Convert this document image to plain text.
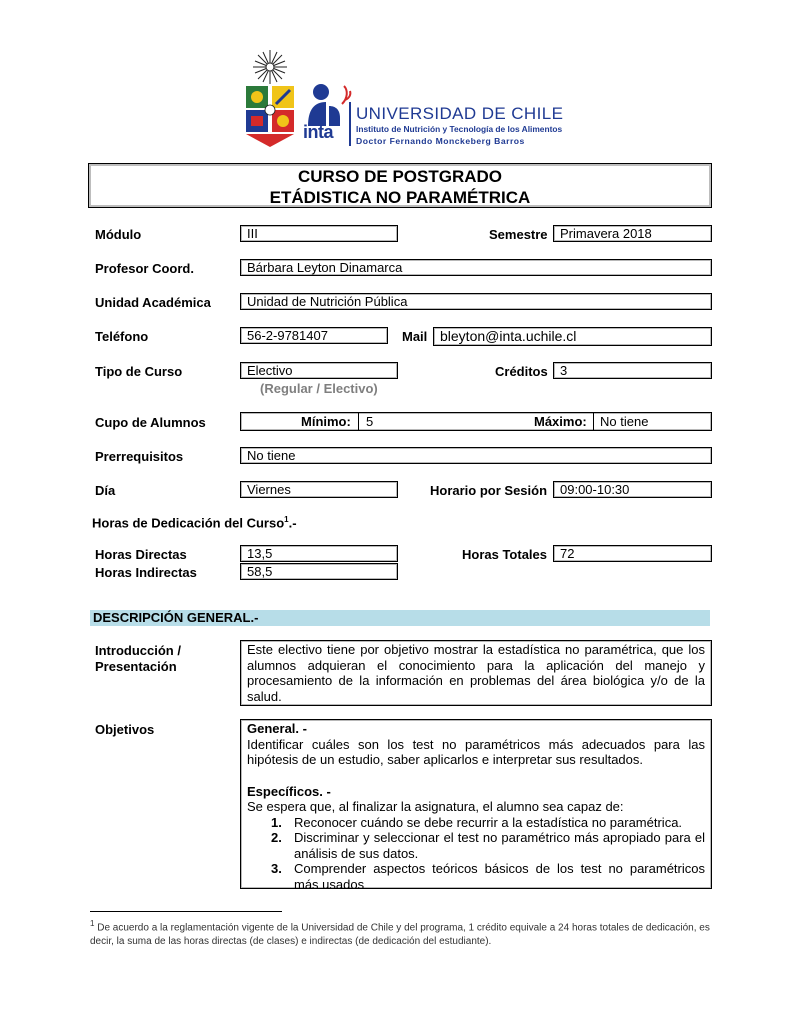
inta
UNIVERSIDAD DE CHILE
Instituto de Nutrición y Tecnología de los Alimentos
Doctor Fernando Monckeberg Barros
CURSO DE POSTGRADO
ETÁDISTICA NO PARAMÉTRICA
Módulo	III	Semestre Primavera 2018
Profesor Coord.	Bárbara Leyton Dinamarca
Unidad Académica	Unidad de Nutrición Pública
Teléfono	56-2-9781407	Mail bleyton@inta.uchile.cl
Tipo de Curso	Electivo
(Regular / Electivo)
Créditos 3
Cupo de Alumnos	Mínimo: 5	Máximo: No tiene
Prerrequisitos	No tiene
Día	Viernes	Horario por Sesión 09:00-10:30
Horas de Dedicación del Curso$^1$.-
Horas Directas	13,5	Horas Totales 72
Horas Indirectas	58,5
DESCRIPCIÓN GENERAL.-
Introducción /
Presentación
Este electivo tiene por objetivo mostrar la estadística no paramétrica, que los alumnos adquieran el conocimiento para la aplicación del manejo y procesamiento de la información en problemas del área biológica y/o de la salud.
Objetivos	General. -
Identificar cuáles son los test no paramétricos más adecuados para las hipótesis de un estudio, saber aplicarlos e interpretar sus resultados.
Específicos. -
Se espera que, al finalizar la asignatura, el alumno sea capaz de:
1. Reconocer cuándo se debe recurrir a la estadística no paramétrica.
2. Discriminar y seleccionar el test no paramétrico más apropiado para el análisis de sus datos.
3. Comprender aspectos teóricos básicos de los test no paramétricos más usados
$^1$ De acuerdo a la reglamentación vigente de la Universidad de Chile y del programa, 1 crédito equivale a 24 horas totales de dedicación, es decir, la suma de las horas directas (de clases) e indirectas (de dedicación del estudiante).
